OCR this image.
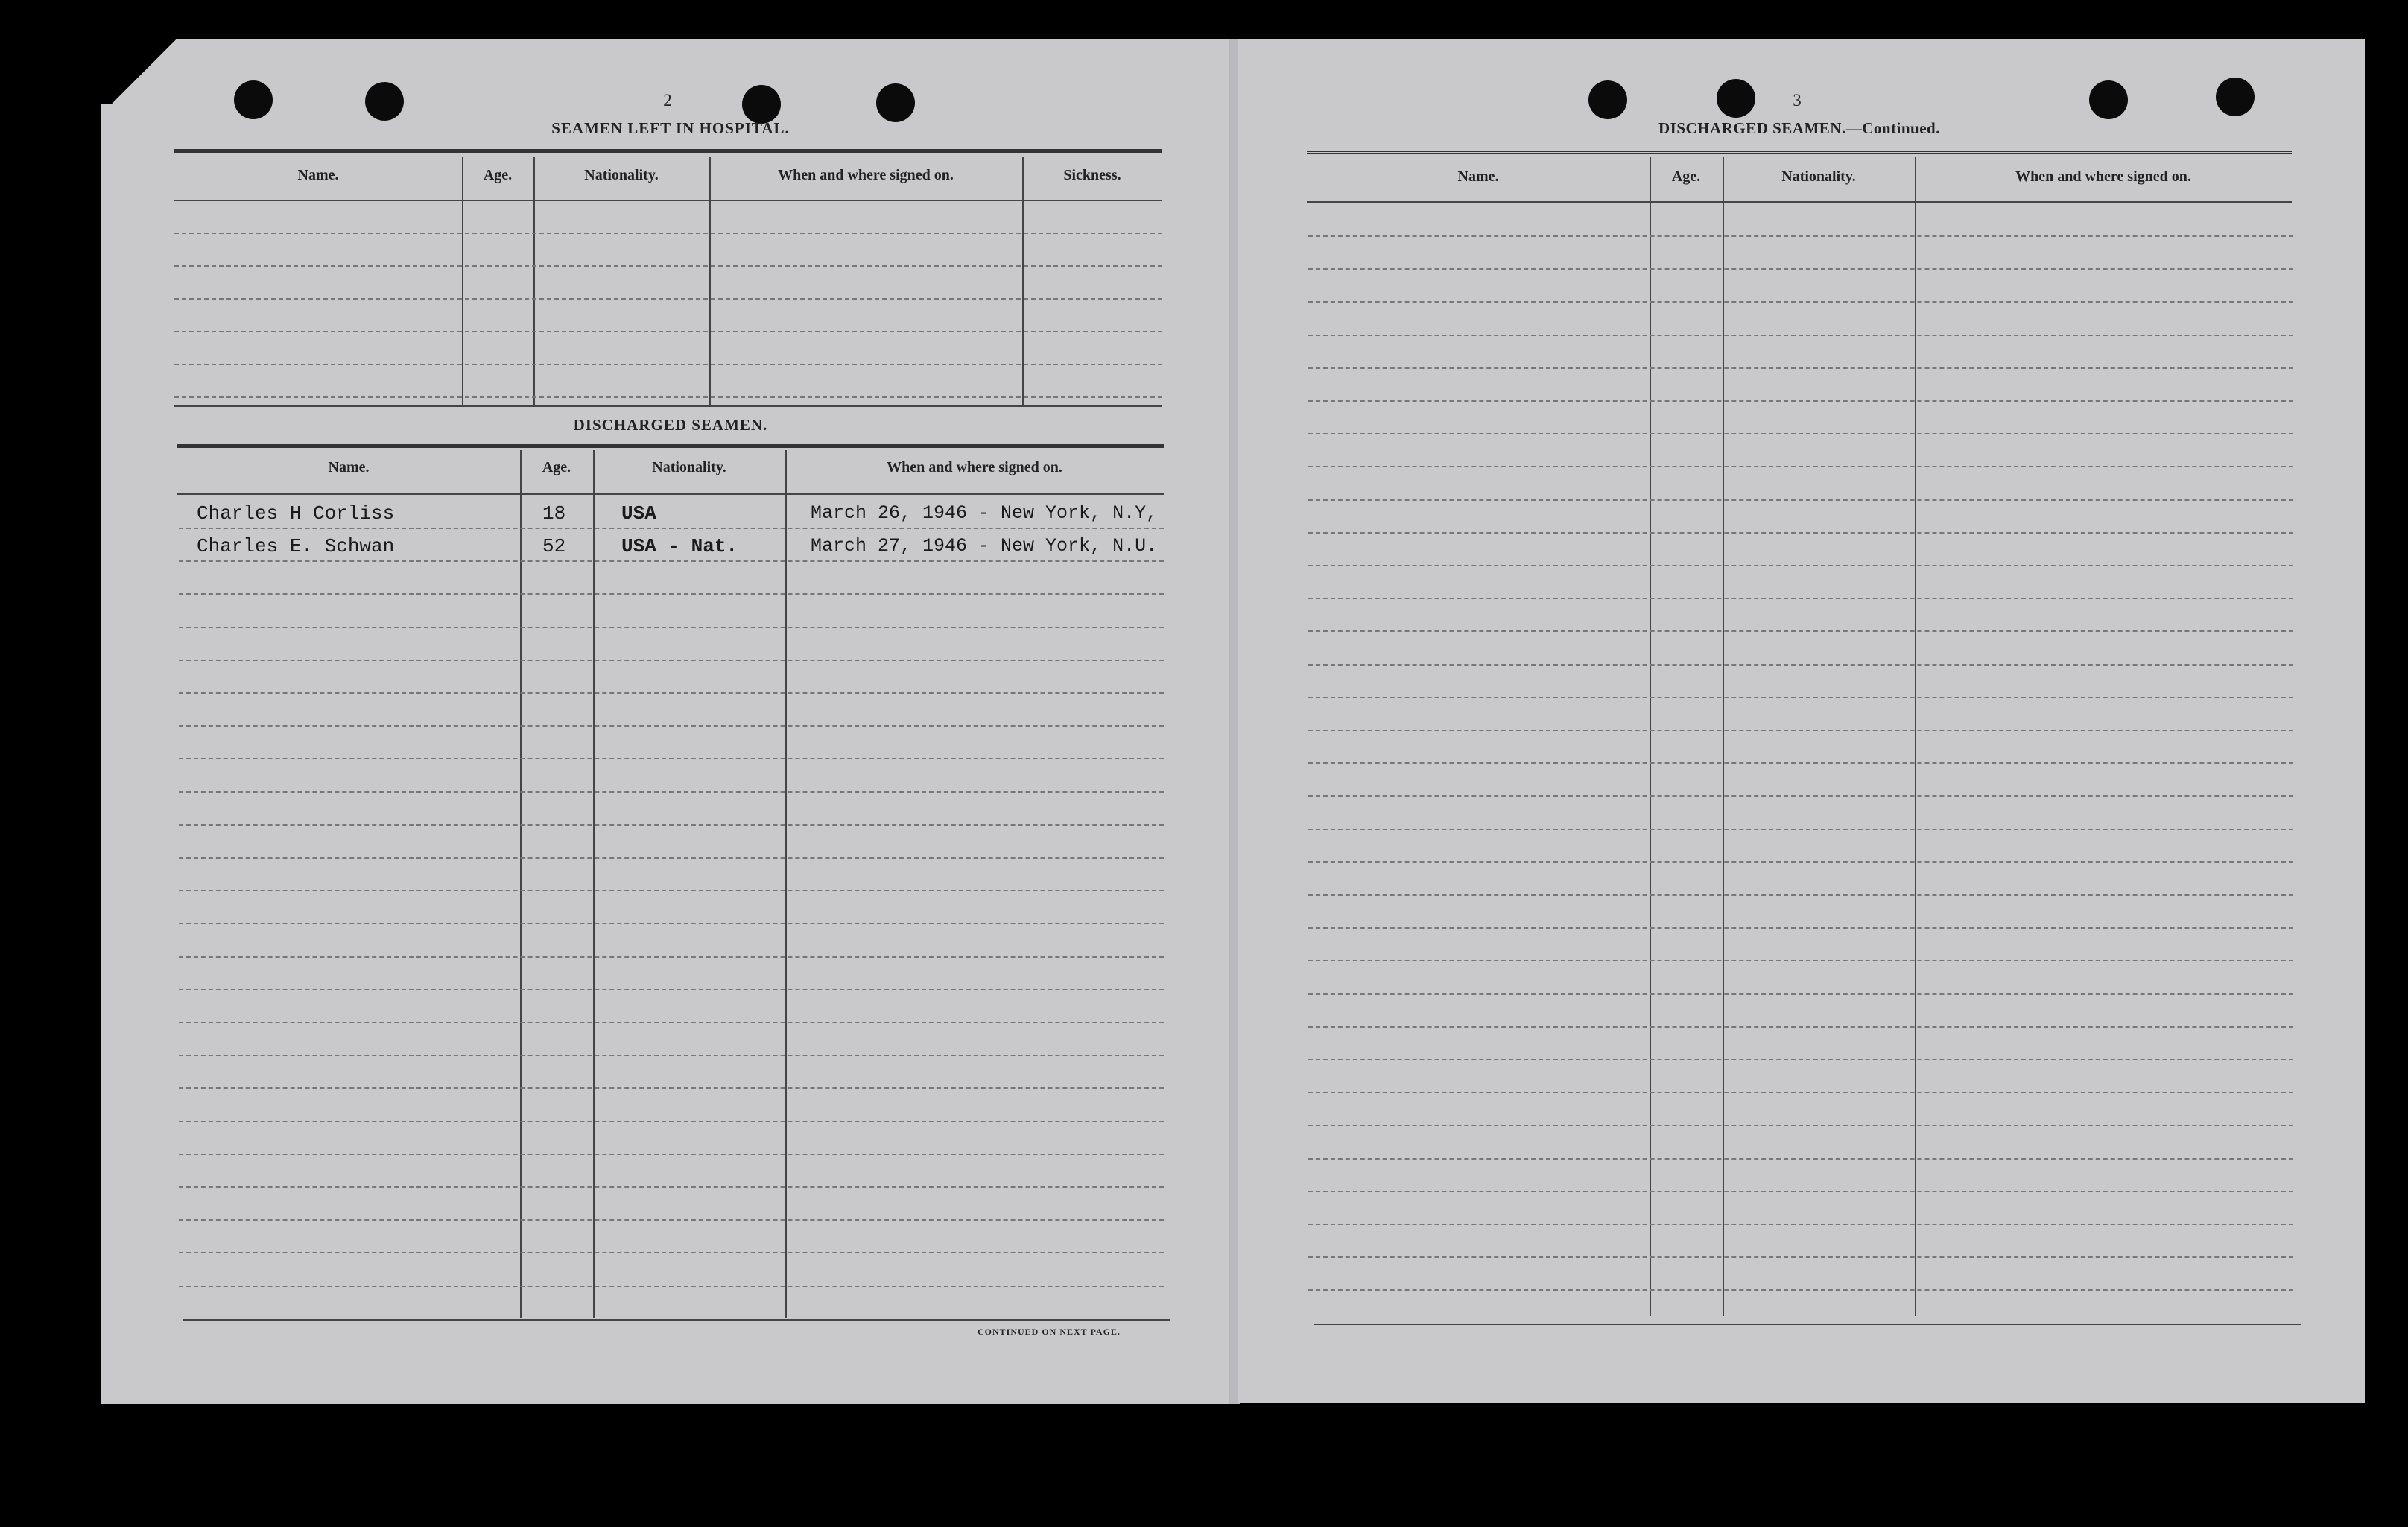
2
SEAMEN LEFT IN HOSPITAL.
Name.	Age.	Nationality.	When and where signed on.	Sickness.
DISCHARGED SEAMEN.
Name.	Age.	Nationality.	When and where signed on.
Charles H Corliss	18	USA	March 26, 1946 - New York, N.Y,
Charles E. Schwan	52	USA - Nat.	March 27, 1946 - New York, N.U.
CONTINUED ON NEXT PAGE.
3
DISCHARGED SEAMEN.—Continued.
Name.	Age.	Nationality.	When and where signed on.
